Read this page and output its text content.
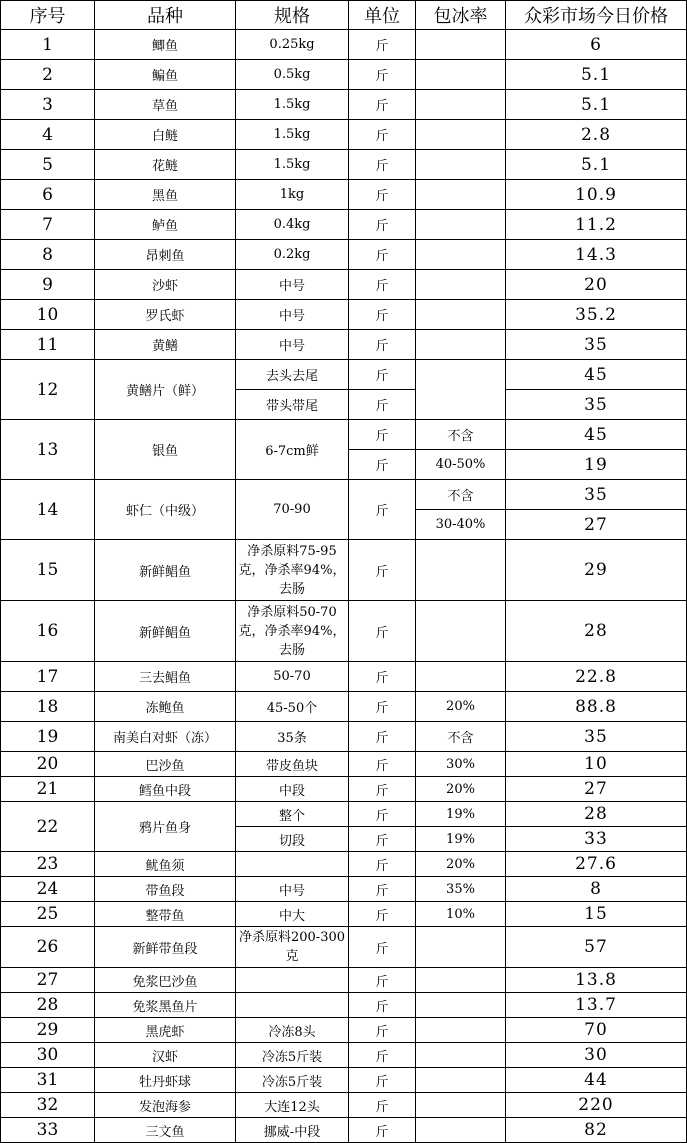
序号	品种	规格	单位	包冰率	众彩市场今日价格
1	鲫鱼	0.25kg	斤		6
2	鳊鱼	0.5kg	斤		5.1
3	草鱼	1.5kg	斤		5.1
4	白鲢	1.5kg	斤		2.8
5	花鲢	1.5kg	斤		5.1
6	黑鱼	1kg	斤		10.9
7	鲈鱼	0.4kg	斤		11.2
8	昂刺鱼	0.2kg	斤		14.3
9	沙虾	中号	斤		20
10	罗氏虾	中号	斤		35.2
11	黄鳝	中号	斤		35
12	黄鳝片（鲜）	去头去尾	斤		45
		带头带尾	斤		35
13	银鱼	6-7cm鲜	斤	不含	45
			斤	40-50%	19
14	虾仁（中级）	70-90	斤	不含	35
				30-40%	27
15	新鲜鲳鱼	净杀原料75-95克，净杀率94%，去肠	斤		29
16	新鲜鲳鱼	净杀原料50-70克，净杀率94%，去肠	斤		28
17	三去鲳鱼	50-70	斤		22.8
18	冻鲍鱼	45-50个	斤	20%	88.8
19	南美白对虾（冻）	35条	斤	不含	35
20	巴沙鱼	带皮鱼块	斤	30%	10
21	鳕鱼中段	中段	斤	20%	27
22	鸦片鱼身	整个	斤	19%	28
		切段	斤	19%	33
23	鱿鱼须		斤	20%	27.6
24	带鱼段	中号	斤	35%	8
25	整带鱼	中大	斤	10%	15
26	新鲜带鱼段	净杀原料200-300克	斤		57
27	免浆巴沙鱼		斤		13.8
28	免浆黑鱼片		斤		13.7
29	黑虎虾	冷冻8头	斤		70
30	汉虾	冷冻5斤装	斤		30
31	牡丹虾球	冷冻5斤装	斤		44
32	发泡海参	大连12头	斤		220
33	三文鱼	挪威-中段	斤		82
